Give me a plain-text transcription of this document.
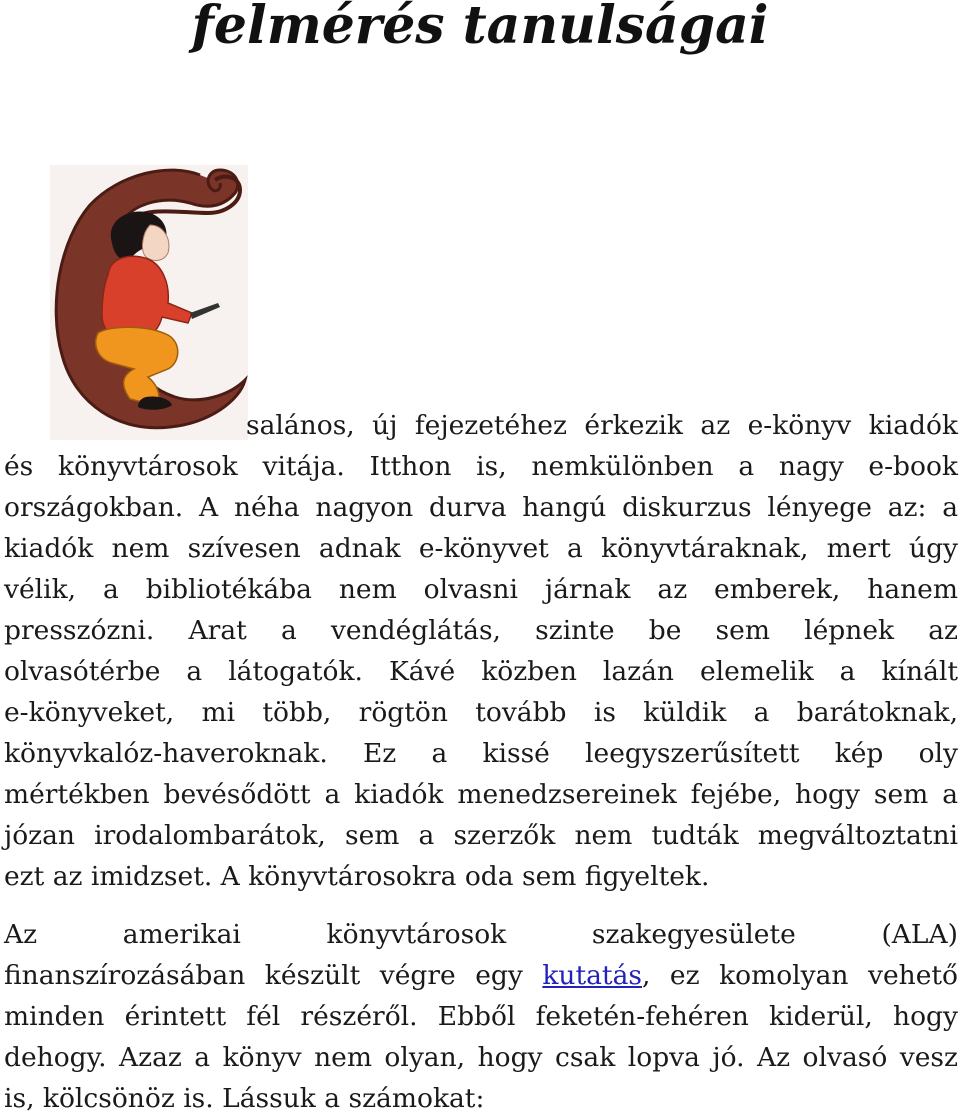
felmérés tanulságai
salános, új fejezetéhez érkezik az e-könyv kiadók
és könyvtárosok vitája. Itthon is, nemkülönben a nagy e-book
országokban. A néha nagyon durva hangú diskurzus lényege az: a
kiadók nem szívesen adnak e-könyvet a könyvtáraknak, mert úgy
vélik, a bibliotékába nem olvasni járnak az emberek, hanem
presszózni. Arat a vendéglátás, szinte be sem lépnek az
olvasótérbe a látogatók. Kávé közben lazán elemelik a kínált
e-könyveket, mi több, rögtön tovább is küldik a barátoknak,
könyvkalóz-haveroknak. Ez a kissé leegyszerűsített kép oly
mértékben bevésődött a kiadók menedzsereinek fejébe, hogy sem a
józan irodalombarátok, sem a szerzők nem tudták megváltoztatni
ezt az imidzset. A könyvtárosokra oda sem figyeltek.
Az amerikai könyvtárosok szakegyesülete (ALA)
finanszírozásában készült végre egy kutatás, ez komolyan vehető
minden érintett fél részéről. Ebből feketén-fehéren kiderül, hogy
dehogy. Azaz a könyv nem olyan, hogy csak lopva jó. Az olvasó vesz
is, kölcsönöz is. Lássuk a számokat:
